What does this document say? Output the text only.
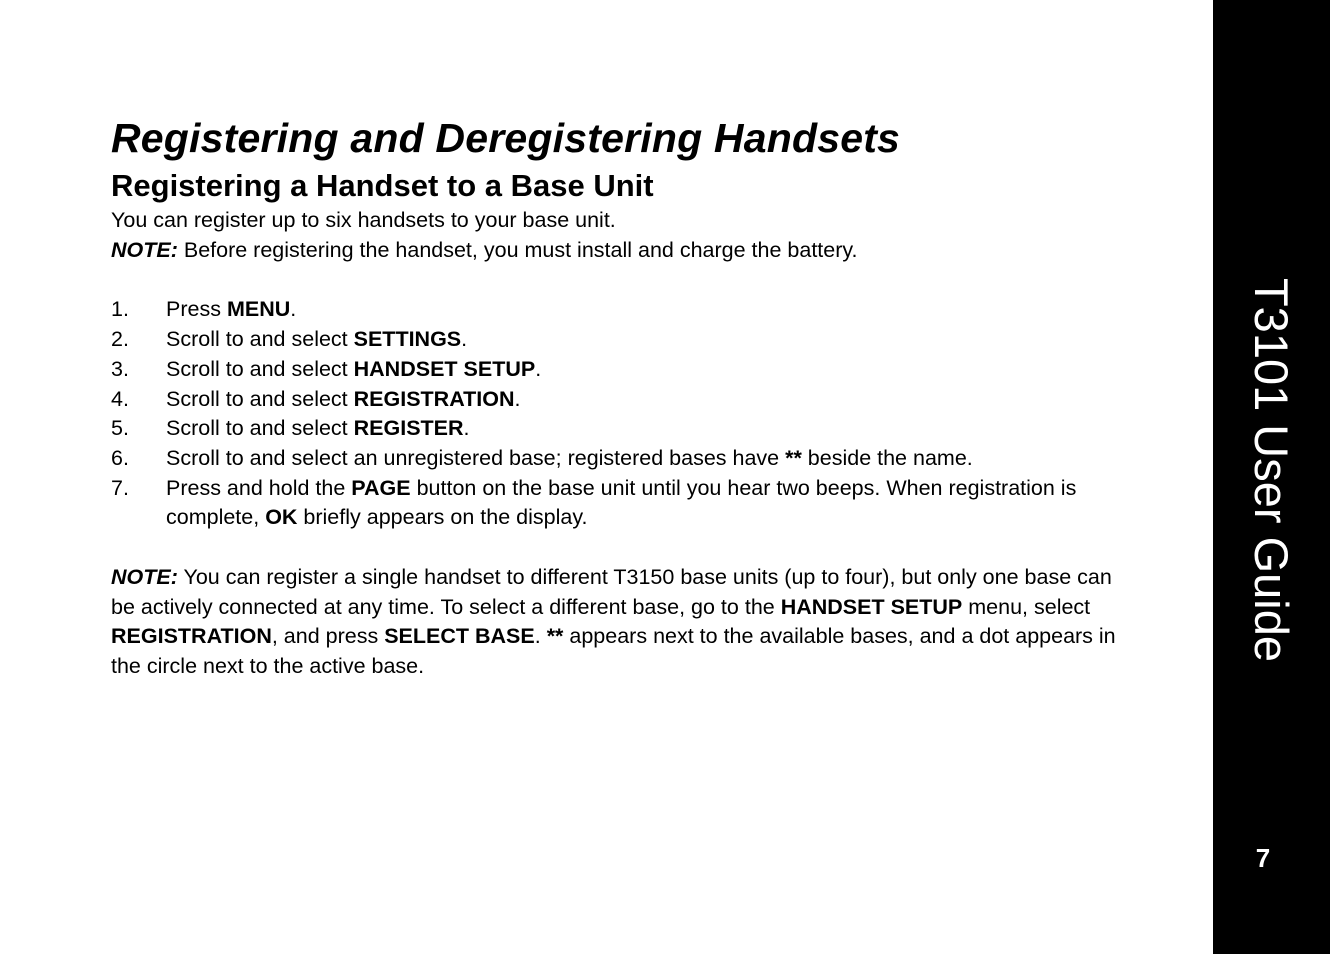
Registering and Deregistering Handsets
Registering a Handset to a Base Unit

You can register up to six handsets to your base unit.

NOTE: Before registering the handset, you must install and charge the battery.

1.	Press MENU.
2.	Scroll to and select SETTINGS.
3.	Scroll to and select HANDSET SETUP.
4.	Scroll to and select REGISTRATION.
5.	Scroll to and select REGISTER.
6.	Scroll to and select an unregistered base; registered bases have ** beside the name.
7.	Press and hold the PAGE button on the base unit until you hear two beeps. When registration is complete, OK briefly appears on the display.

NOTE: You can register a single handset to different T3150 base units (up to four), but only one base can be actively connected at any time. To select a different base, go to the HANDSET SETUP menu, select REGISTRATION, and press SELECT BASE. ** appears next to the available bases, and a dot appears in the circle next to the active base.

T3101 User Guide
7
